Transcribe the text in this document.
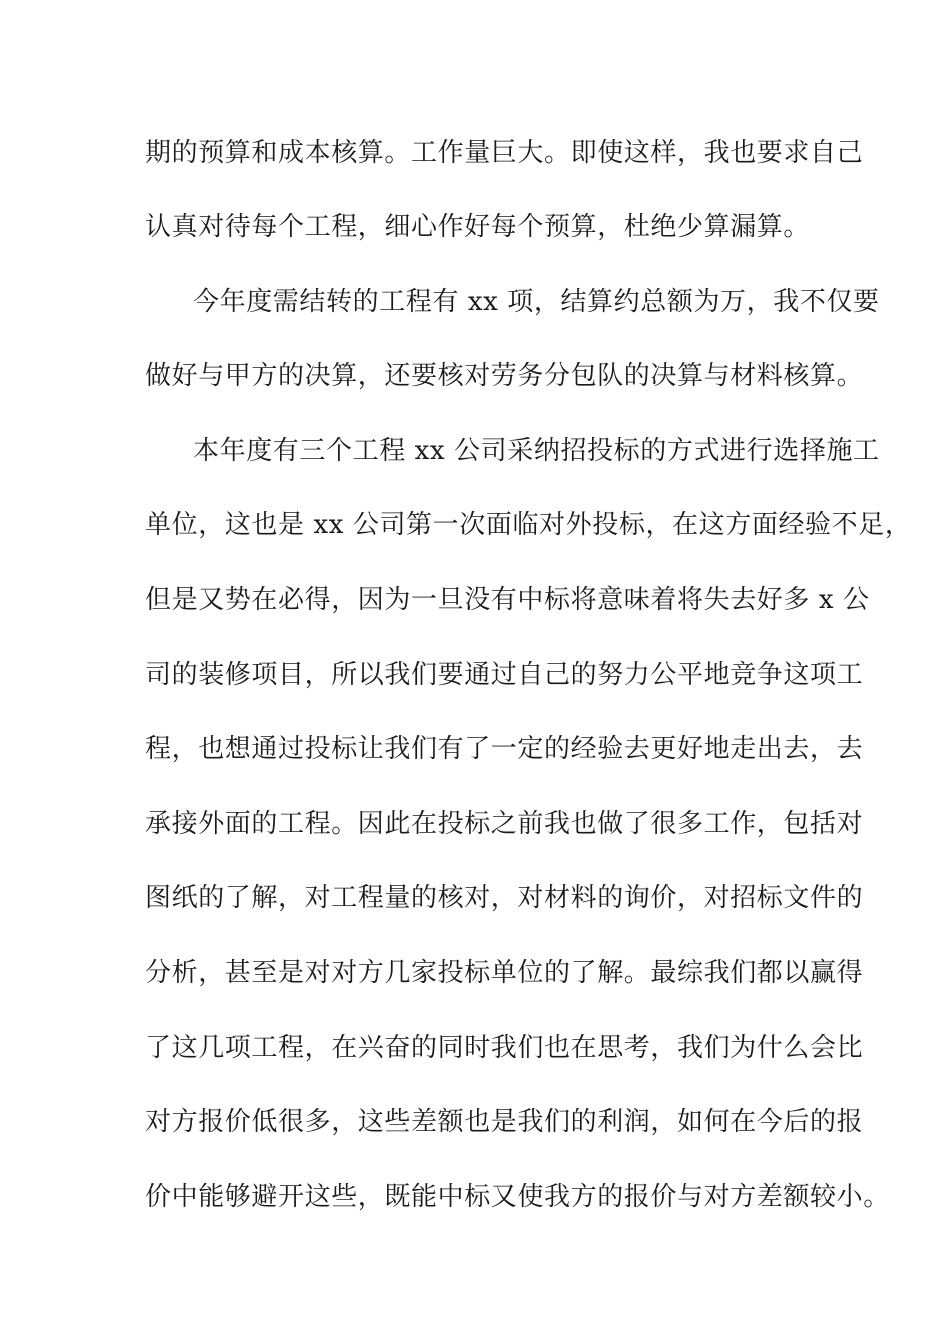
期的预算和成本核算。工作量巨大。即使这样，我也要求自己
认真对待每个工程，细心作好每个预算，杜绝少算漏算。
今年度需结转的工程有 xx 项，结算约总额为万，我不仅要
做好与甲方的决算，还要核对劳务分包队的决算与材料核算。
本年度有三个工程 xx 公司采纳招投标的方式进行选择施工
单位，这也是 xx 公司第一次面临对外投标，在这方面经验不足，
但是又势在必得，因为一旦没有中标将意味着将失去好多 x 公
司的装修项目，所以我们要通过自己的努力公平地竞争这项工
程，也想通过投标让我们有了一定的经验去更好地走出去，去
承接外面的工程。因此在投标之前我也做了很多工作，包括对
图纸的了解，对工程量的核对，对材料的询价，对招标文件的
分析，甚至是对对方几家投标单位的了解。最综我们都以赢得
了这几项工程，在兴奋的同时我们也在思考，我们为什么会比
对方报价低很多，这些差额也是我们的利润，如何在今后的报
价中能够避开这些，既能中标又使我方的报价与对方差额较小。
